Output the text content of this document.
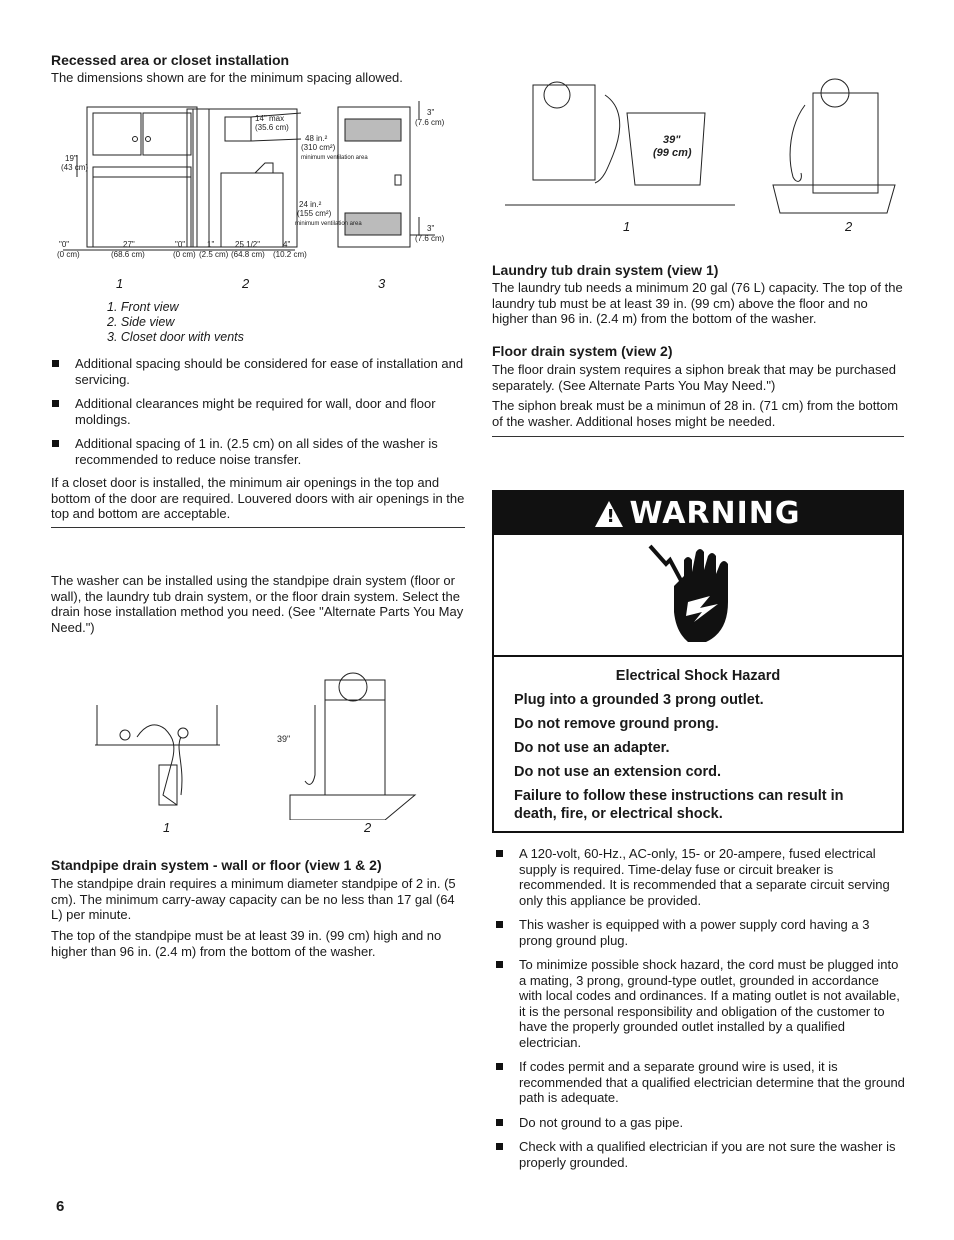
Recessed area or closet installation

The dimensions shown are for the minimum spacing allowed.

19"
(43 cm)
"0"
(0 cm)
27"
(68.6 cm)
"0"
(0 cm)
1"
(2.5 cm)
25 1/2"
(64.8 cm)
4"
(10.2 cm)
14" max
(35.6 cm)
48 in.²
(310 cm²)
minimum ventilation area
24 in.²
(155 cm²)
minimum ventilation area
3"
(7.6 cm)
3"
(7.6 cm)
1	2	3
1. Front view
2. Side view
3. Closet door with vents
Additional spacing should be considered for ease of installation and servicing.
Additional clearances might be required for wall, door and floor moldings.
Additional spacing of 1 in. (2.5 cm) on all sides of the washer is recommended to reduce noise transfer.

If a closet door is installed, the minimum air openings in the top and bottom of the door are required. Louvered doors with air openings in the top and bottom are acceptable.

The washer can be installed using the standpipe drain system (floor or wall), the laundry tub drain system, or the floor drain system. Select the drain hose installation method you need. (See "Alternate Parts You May Need.")

39"
1	2
Standpipe drain system - wall or floor (view 1 & 2)

The standpipe drain requires a minimum diameter standpipe of 2 in. (5 cm). The minimum carry-away capacity can be no less than 17 gal (64 L) per minute.

The top of the standpipe must be at least 39 in. (99 cm) high and no higher than 96 in. (2.4 m) from the bottom of the washer.

39"
(99 cm)
1	2
Laundry tub drain system (view 1)

The laundry tub needs a minimum 20 gal (76 L) capacity. The top of the laundry tub must be at least 39 in. (99 cm) above the floor and no higher than 96 in. (2.4 m) from the bottom of the washer.

Floor drain system (view 2)

The floor drain system requires a siphon break that may be purchased separately. (See Alternate Parts You May Need.")

The siphon break must be a minimun of 28 in. (71 cm) from the bottom of the washer. Additional hoses might be needed.

!
WARNING
Electrical Shock Hazard
Plug into a grounded 3 prong outlet.
Do not remove ground prong.
Do not use an adapter.
Do not use an extension cord.
Failure to follow these instructions can result in death, fire, or electrical shock.
A 120-volt, 60-Hz., AC-only, 15- or 20-ampere, fused electrical supply is required. Time-delay fuse or circuit breaker is recommended. It is recommended that a separate circuit serving only this appliance be provided.
This washer is equipped with a power supply cord having a 3 prong ground plug.
To minimize possible shock hazard, the cord must be plugged into a mating, 3 prong, ground-type outlet, grounded in accordance with local codes and ordinances. If a mating outlet is not available, it is the personal responsibility and obligation of the customer to have the properly grounded outlet installed by a qualified electrician.
If codes permit and a separate ground wire is used, it is recommended that a qualified electrician determine that the ground path is adequate.
Do not ground to a gas pipe.
Check with a qualified electrician if you are not sure the washer is properly grounded.
6
